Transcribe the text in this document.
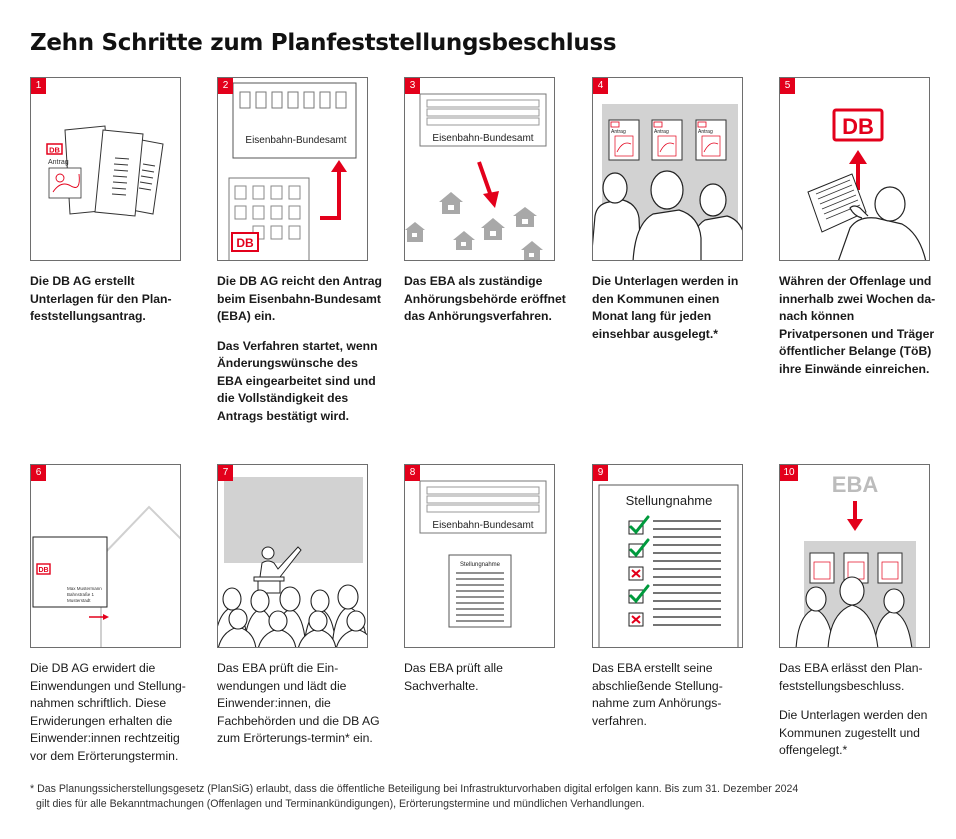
Zehn Schritte zum Planfeststellungsbeschluss
1
DB
Antrag

Die DB AG erstellt Unterlagen für den Plan-feststellungsantrag.

2
Eisenbahn-Bundesamt
DB

Die DB AG reicht den Antrag beim Eisenbahn-Bundesamt (EBA) ein.

Das Verfahren startet, wenn Änderungswünsche des EBA eingearbeitet sind und die Vollständigkeit des Antrags bestätigt wird.

3
Eisenbahn-Bundesamt

Das EBA als zuständige Anhörungsbehörde eröffnet das Anhörungsverfahren.

4
Antrag	Antrag	Antrag

Die Unterlagen werden in den Kommunen einen Monat lang für jeden einsehbar ausgelegt.*

5
DB

Währen der Offenlage und innerhalb zwei Wochen da-nach können Privatpersonen und Träger öffentlicher Belange (TöB) ihre Einwände einreichen.

6
DB
Max Mustermann
Bahnstraße 1
Musterstadt

Die DB AG erwidert die Einwendungen und Stellung-nahmen schriftlich. Diese Erwiderungen erhalten die Einwender:innen rechtzeitig vor dem Erörterungstermin.

7

Das EBA prüft die Ein-wendungen und lädt die Einwender:innen, die Fachbehörden und die DB AG zum Erörterungs-termin* ein.

8
Eisenbahn-Bundesamt
Stellungnahme

Das EBA prüft alle Sachverhalte.

9
Stellungnahme

Das EBA erstellt seine abschließende Stellung-nahme zum Anhörungs-verfahren.

10 EBA

Das EBA erlässt den Plan-feststellungsbeschluss.

Die Unterlagen werden den Kommunen zugestellt und offengelegt.*

* Das Planungssicherstellungsgesetz (PlanSiG) erlaubt, dass die öffentliche Beteiligung bei Infrastrukturvorhaben digital erfolgen kann. Bis zum 31. Dezember 2024
gilt dies für alle Bekanntmachungen (Offenlagen und Terminankündigungen), Erörterungstermine und mündlichen Verhandlungen.
